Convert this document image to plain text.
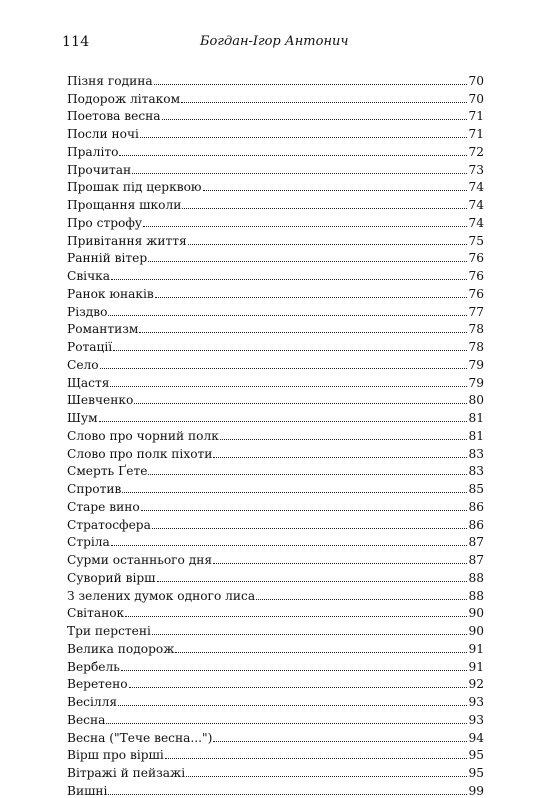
114	Богдан-Ігор Антонич
Пізня година	70
Подорож літаком	70
Поетова весна	71
Посли ночі	71
Праліто	72
Прочитан	73
Прошак під церквою	74
Прощання школи	74
Про строфу	74
Привітання життя	75
Ранній вітер	76
Свічка	76
Ранок юнаків	76
Різдво	77
Романтизм	78
Ротації	78
Село	79
Щастя	79
Шевченко	80
Шум	81
Слово про чорний полк	81
Слово про полк піхоти	83
Смерть Ґете	83
Спротив	85
Старе вино	86
Стратосфера	86
Стріла	87
Сурми останнього дня	87
Суворий вірш	88
З зелених думок одного лиса	88
Світанок	90
Три перстені	90
Велика подорож	91
Вербель	91
Веретено	92
Весілля	93
Весна	93
Весна ("Тече весна...")	94
Вірш про вірші	95
Вітражі й пейзажі	95
Вишні	99
